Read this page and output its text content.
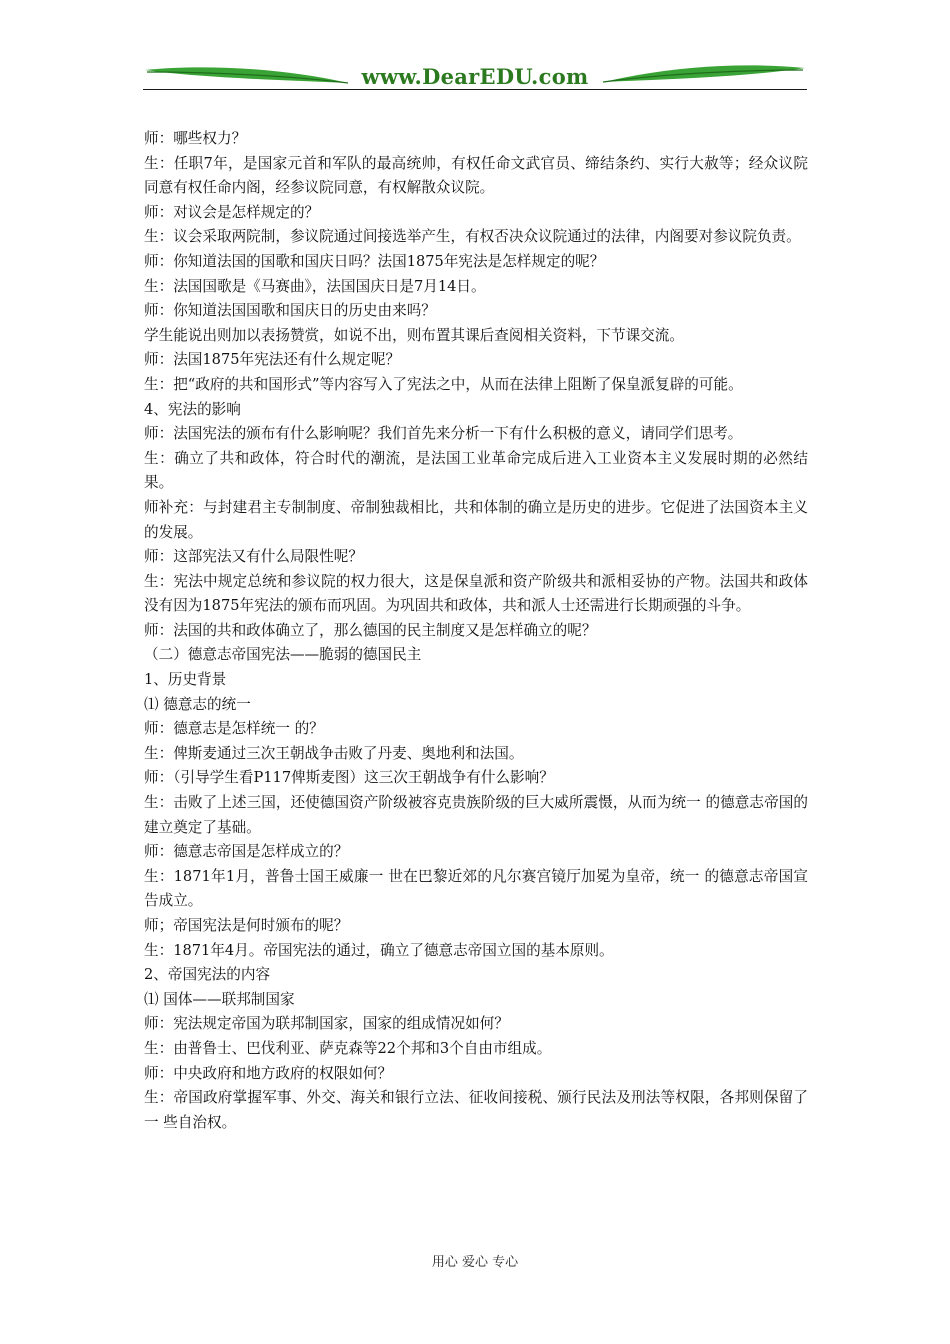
www.DearEDU.com

师：哪些权力？

生：任职7年，是国家元首和军队的最高统帅，有权任命文武官员、缔结条约、实行大赦等；经众议院同意有权任命内阁，经参议院同意，有权解散众议院。

师：对议会是怎样规定的？

生：议会采取两院制，参议院通过间接选举产生，有权否决众议院通过的法律，内阁要对参议院负责。

师：你知道法国的国歌和国庆日吗？法国1875年宪法是怎样规定的呢？

生：法国国歌是《马赛曲》，法国国庆日是7月14日。

师：你知道法国国歌和国庆日的历史由来吗？

学生能说出则加以表扬赞赏，如说不出，则布置其课后查阅相关资料，下节课交流。

师：法国1875年宪法还有什么规定呢？

生：把“政府的共和国形式”等内容写入了宪法之中，从而在法律上阻断了保皇派复辟的可能。

4、宪法的影响

师：法国宪法的颁布有什么影响呢？我们首先来分析一下有什么积极的意义，请同学们思考。

生：确立了共和政体，符合时代的潮流，是法国工业革命完成后进入工业资本主义发展时期的必然结果。

师补充：与封建君主专制制度、帝制独裁相比，共和体制的确立是历史的进步。它促进了法国资本主义的发展。

师：这部宪法又有什么局限性呢？

生：宪法中规定总统和参议院的权力很大，这是保皇派和资产阶级共和派相妥协的产物。法国共和政体没有因为1875年宪法的颁布而巩固。为巩固共和政体，共和派人士还需进行长期顽强的斗争。

师：法国的共和政体确立了，那么德国的民主制度又是怎样确立的呢？

（二）德意志帝国宪法——脆弱的德国民主

1、历史背景

⑴ 德意志的统一

师：德意志是怎样统一 的？

生：俾斯麦通过三次王朝战争击败了丹麦、奥地利和法国。

师：（引导学生看P117俾斯麦图）这三次王朝战争有什么影响？

生：击败了上述三国，还使德国资产阶级被容克贵族阶级的巨大威所震慑，从而为统一 的德意志帝国的建立奠定了基础。

师：德意志帝国是怎样成立的？

生：1871年1月，普鲁士国王威廉一 世在巴黎近郊的凡尔赛宫镜厅加冕为皇帝，统一 的德意志帝国宣告成立。

师；帝国宪法是何时颁布的呢？

生：1871年4月。帝国宪法的通过，确立了德意志帝国立国的基本原则。

2、帝国宪法的内容

⑴ 国体——联邦制国家

师：宪法规定帝国为联邦制国家，国家的组成情况如何？

生：由普鲁士、巴伐利亚、萨克森等22个邦和3个自由市组成。

师：中央政府和地方政府的权限如何？

生：帝国政府掌握军事、外交、海关和银行立法、征收间接税、颁行民法及刑法等权限，各邦则保留了一 些自治权。

用心 爱心 专心
